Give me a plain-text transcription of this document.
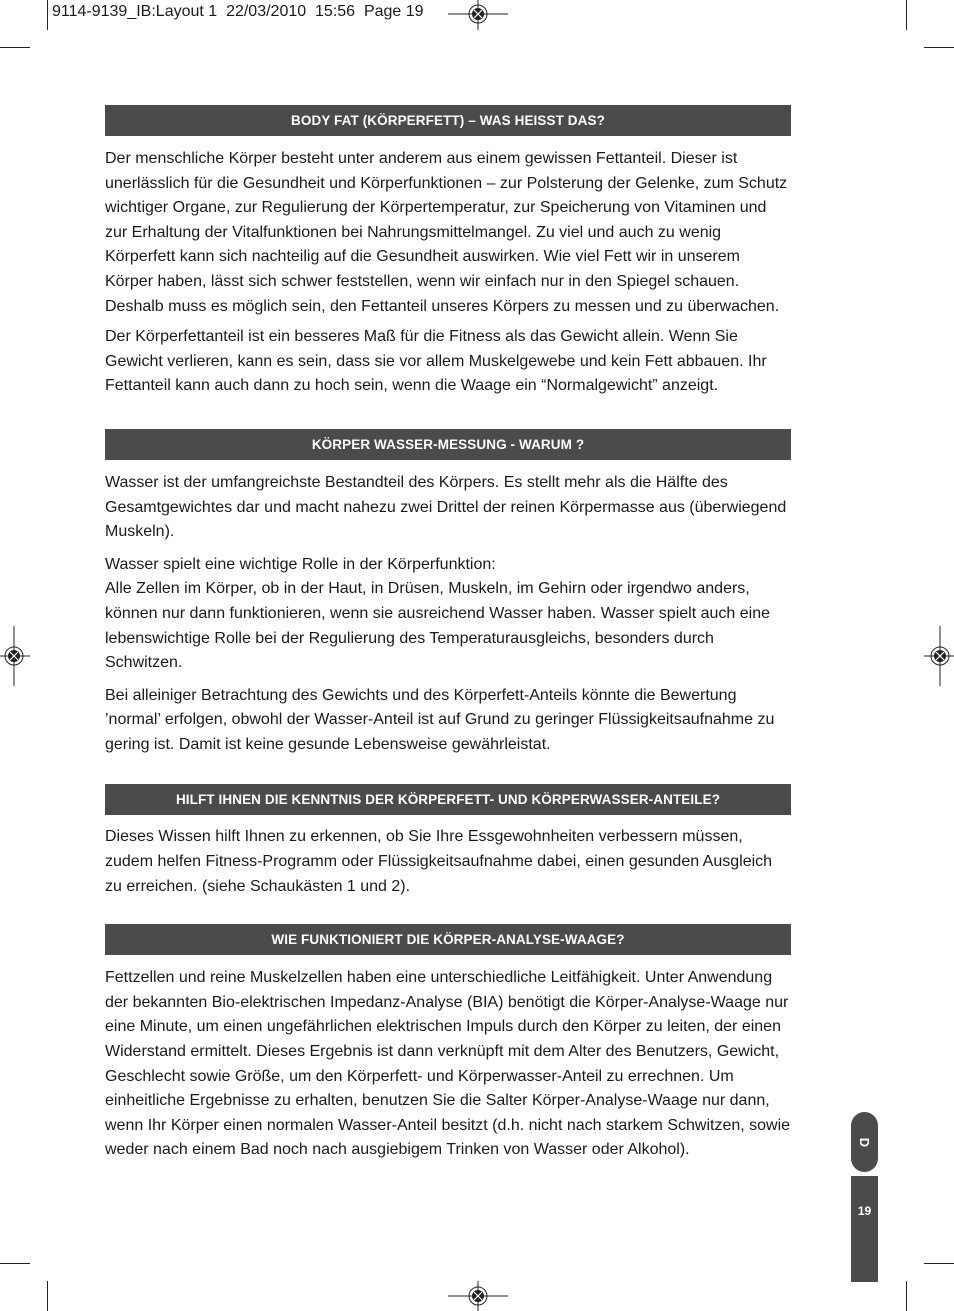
9114-9139_IB:Layout 1  22/03/2010  15:56  Page 19
BODY FAT (KÖRPERFETT) – WAS HEISST DAS?

Der menschliche Körper besteht unter anderem aus einem gewissen Fettanteil. Dieser ist unerlässlich für die Gesundheit und Körperfunktionen – zur Polsterung der Gelenke, zum Schutz wichtiger Organe, zur Regulierung der Körpertemperatur, zur Speicherung von Vitaminen und zur Erhaltung der Vitalfunktionen bei Nahrungsmittelmangel. Zu viel und auch zu wenig Körperfett kann sich nachteilig auf die Gesundheit auswirken. Wie viel Fett wir in unserem Körper haben, lässt sich schwer feststellen, wenn wir einfach nur in den Spiegel schauen. Deshalb muss es möglich sein, den Fettanteil unseres Körpers zu messen und zu überwachen.

Der Körperfettanteil ist ein besseres Maß für die Fitness als das Gewicht allein. Wenn Sie Gewicht verlieren, kann es sein, dass sie vor allem Muskelgewebe und kein Fett abbauen. Ihr Fettanteil kann auch dann zu hoch sein, wenn die Waage ein “Normalgewicht” anzeigt.

KÖRPER WASSER-MESSUNG - WARUM ?

Wasser ist der umfangreichste Bestandteil des Körpers. Es stellt mehr als die Hälfte des Gesamtgewichtes dar und macht nahezu zwei Drittel der reinen Körpermasse aus (überwiegend Muskeln).

Wasser spielt eine wichtige Rolle in der Körperfunktion:

Alle Zellen im Körper, ob in der Haut, in Drüsen, Muskeln, im Gehirn oder irgendwo anders, können nur dann funktionieren, wenn sie ausreichend Wasser haben. Wasser spielt auch eine lebenswichtige Rolle bei der Regulierung des Temperaturausgleichs, besonders durch Schwitzen.

Bei alleiniger Betrachtung des Gewichts und des Körperfett-Anteils könnte die Bewertung ’normal’ erfolgen, obwohl der Wasser-Anteil ist auf Grund zu geringer Flüssigkeitsaufnahme zu gering ist. Damit ist keine gesunde Lebensweise gewährleistat.

HILFT IHNEN DIE KENNTNIS DER KÖRPERFETT- UND KÖRPERWASSER-ANTEILE?

Dieses Wissen hilft Ihnen zu erkennen, ob Sie Ihre Essgewohnheiten verbessern müssen, zudem helfen Fitness-Programm oder Flüssigkeitsaufnahme dabei, einen gesunden Ausgleich zu erreichen. (siehe Schaukästen 1 und 2).

WIE FUNKTIONIERT DIE KÖRPER-ANALYSE-WAAGE?

Fettzellen und reine Muskelzellen haben eine unterschiedliche Leitfähigkeit. Unter Anwendung der bekannten Bio-elektrischen Impedanz-Analyse (BIA) benötigt die Körper-Analyse-Waage nur eine Minute, um einen ungefährlichen elektrischen Impuls durch den Körper zu leiten, der einen Widerstand ermittelt. Dieses Ergebnis ist dann verknüpft mit dem Alter des Benutzers, Gewicht, Geschlecht sowie Größe, um den Körperfett- und Körperwasser-Anteil zu errechnen. Um einheitliche Ergebnisse zu erhalten, benutzen Sie die Salter Körper-Analyse-Waage nur dann, wenn Ihr Körper einen normalen Wasser-Anteil besitzt (d.h. nicht nach starkem Schwitzen, sowie weder nach einem Bad noch nach ausgiebigem Trinken von Wasser oder Alkohol).	D
19
